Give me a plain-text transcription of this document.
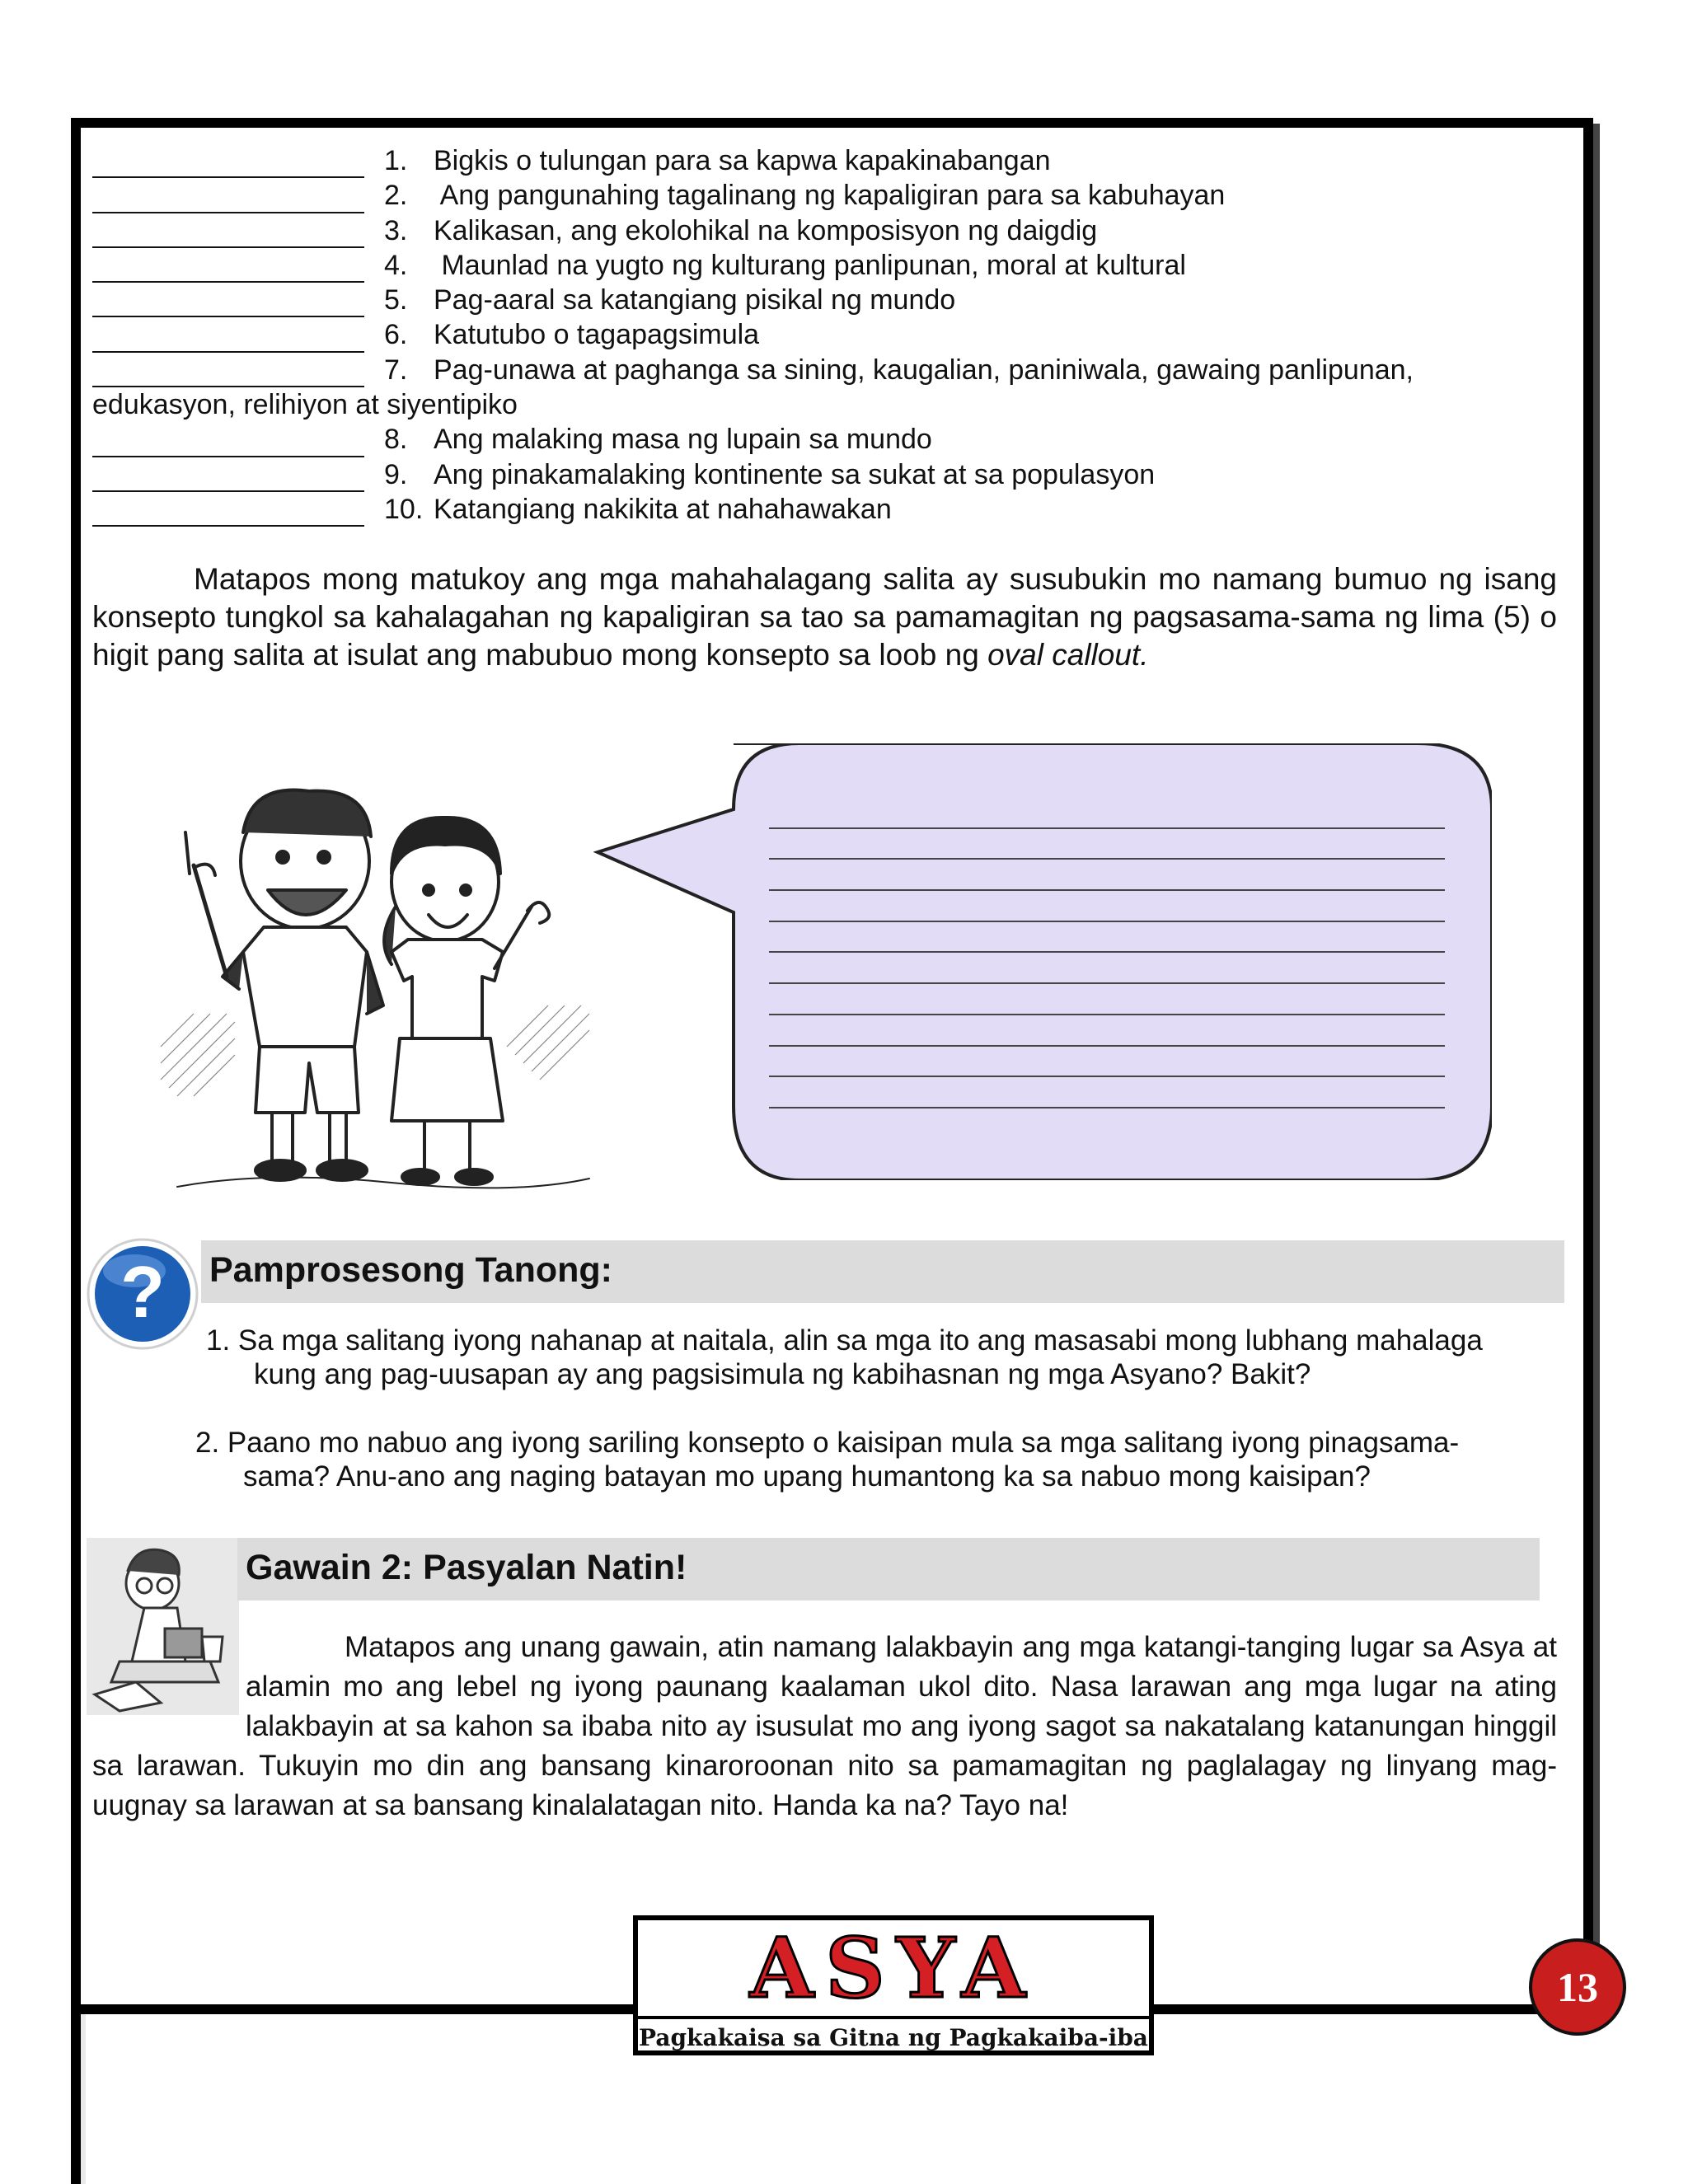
1. Bigkis o tulungan para sa kapwa kapakinabangan
2. Ang pangunahing tagalinang ng kapaligiran para sa kabuhayan
3. Kalikasan, ang ekolohikal na komposisyon ng daigdig
4. Maunlad na yugto ng kulturang panlipunan, moral at kultural
5. Pag-aaral sa katangiang pisikal ng mundo
6. Katutubo o tagapagsimula
7. Pag-unawa at paghanga sa sining, kaugalian, paniniwala, gawaing panlipunan,
edukasyon, relihiyon at siyentipiko
8. Ang malaking masa ng lupain sa mundo
9. Ang pinakamalaking kontinente sa sukat at sa populasyon
10. Katangiang nakikita at nahahawakan

Matapos mong matukoy ang mga mahahalagang salita ay susubukin mo namang bumuo ng isang konsepto tungkol sa kahalagahan ng kapaligiran sa tao sa pamamagitan ng pagsasama-sama ng lima (5) o higit pang salita at isulat ang mabubuo mong konsepto sa loob ng oval callout.

Pamprosesong Tanong:
?
1. Sa mga salitang iyong nahanap at naitala, alin sa mga ito ang masasabi mong lubhang mahalaga
kung ang pag-uusapan ay ang pagsisimula ng kabihasnan ng mga Asyano? Bakit?
2. Paano mo nabuo ang iyong sariling konsepto o kaisipan mula sa mga salitang iyong pinagsama-
sama? Anu-ano ang naging batayan mo upang humantong ka sa nabuo mong kaisipan?
Gawain 2: Pasyalan Natin!
Matapos ang unang gawain, atin namang lalakbayin ang mga katangi-tanging lugar sa Asya at alamin mo ang lebel ng iyong paunang kaalaman ukol dito. Nasa larawan ang mga lugar na ating lalakbayin at sa kahon sa ibaba nito ay isusulat mo ang iyong sagot sa nakatalang katanungan hinggil sa larawan. Tukuyin mo din ang bansang kinaroroonan nito sa pamamagitan ng paglalagay ng linyang mag-uugnay sa larawan at sa bansang kinalalatagan nito. Handa ka na? Tayo na!
ASYA
Pagkakaisa sa Gitna ng Pagkakaiba-iba
13
